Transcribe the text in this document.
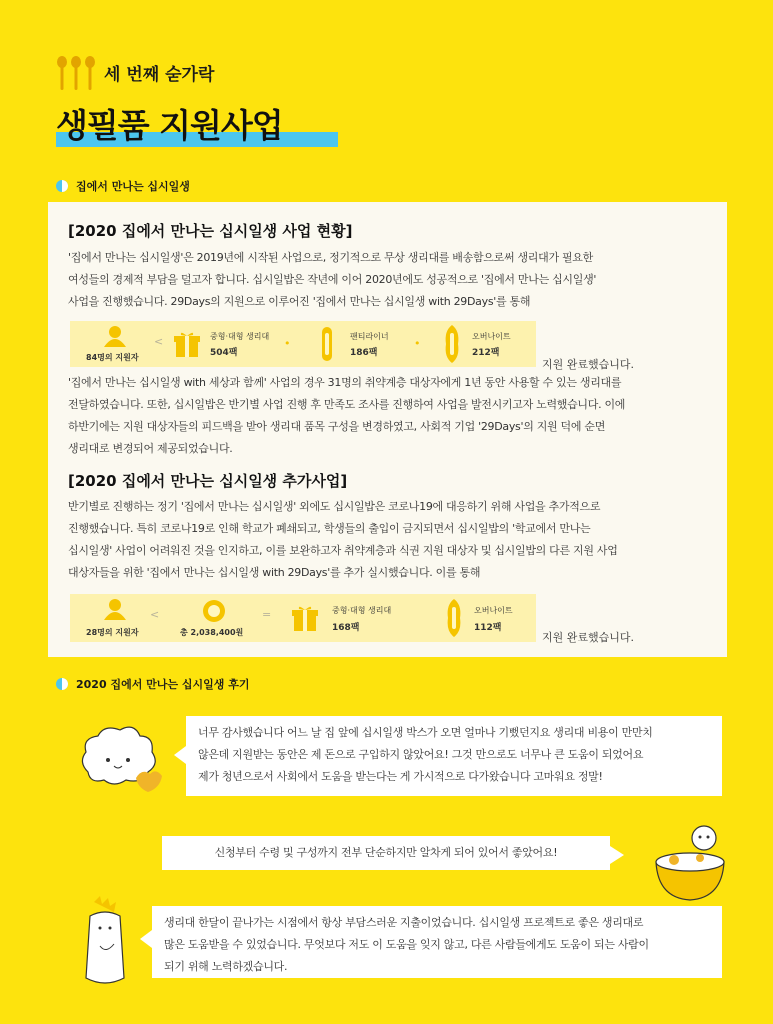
세 번째 숟가락
생필품 지원사업
집에서 만나는 십시일생
[2020 집에서 만나는 십시일생 사업 현황]
'집에서 만나는 십시일생'은 2019년에 시작된 사업으로, 정기적으로 무상 생리대를 배송함으로써 생리대가 필요한
여성들의 경제적 부담을 덜고자 합니다. 십시일밥은 작년에 이어 2020년에도 성공적으로 '집에서 만나는 십시일생'
사업을 진행했습니다. 29Days의 지원으로 이루어진 '집에서 만나는 십시일생 with 29Days'를 통해
84명의 지원자
<	중형·대형 생리대
504팩
•
팬티라이너
186팩
•
오버나이트
212팩
지원 완료했습니다.
'집에서 만나는 십시일생 with 세상과 함께' 사업의 경우 31명의 취약계층 대상자에게 1년 동안 사용할 수 있는 생리대를
전달하였습니다. 또한, 십시일밥은 반기별 사업 진행 후 만족도 조사를 진행하여 사업을 발전시키고자 노력했습니다. 이에
하반기에는 지원 대상자들의 피드백을 받아 생리대 품목 구성을 변경하였고, 사회적 기업 '29Days'의 지원 덕에 순면
생리대로 변경되어 제공되었습니다.
[2020 집에서 만나는 십시일생 추가사업]
반기별로 진행하는 정기 '집에서 만나는 십시일생' 외에도 십시일밥은 코로나19에 대응하기 위해 사업을 추가적으로
진행했습니다. 특히 코로나19로 인해 학교가 폐쇄되고, 학생들의 출입이 금지되면서 십시일밥의 '학교에서 만나는
십시일생' 사업이 어려워진 것을 인지하고, 이를 보완하고자 취약계층과 식권 지원 대상자 및 십시일밥의 다른 지원 사업
대상자들을 위한 '집에서 만나는 십시일생 with 29Days'를 추가 실시했습니다. 이를 통해
28명의 지원자
<
총 2,038,400원
=	중형·대형 생리대
168팩
오버나이트
112팩
지원 완료했습니다.
2020 집에서 만나는 십시일생 후기
너무 감사했습니다 어느 날 집 앞에 십시일생 박스가 오면 얼마나 기뻤던지요 생리대 비용이 만만치
않은데 지원받는 동안은 제 돈으로 구입하지 않았어요! 그것 만으로도 너무나 큰 도움이 되었어요
제가 청년으로서 사회에서 도움을 받는다는 게 가시적으로 다가왔습니다 고마워요 정말!
신청부터 수령 및 구성까지 전부 단순하지만 알차게 되어 있어서 좋았어요!
생리대 한달이 끝나가는 시점에서 항상 부담스러운 지출이었습니다. 십시일생 프로젝트로 좋은 생리대로
많은 도움받을 수 있었습니다. 무엇보다 저도 이 도움을 잊지 않고, 다른 사람들에게도 도움이 되는 사람이
되기 위해 노력하겠습니다.
